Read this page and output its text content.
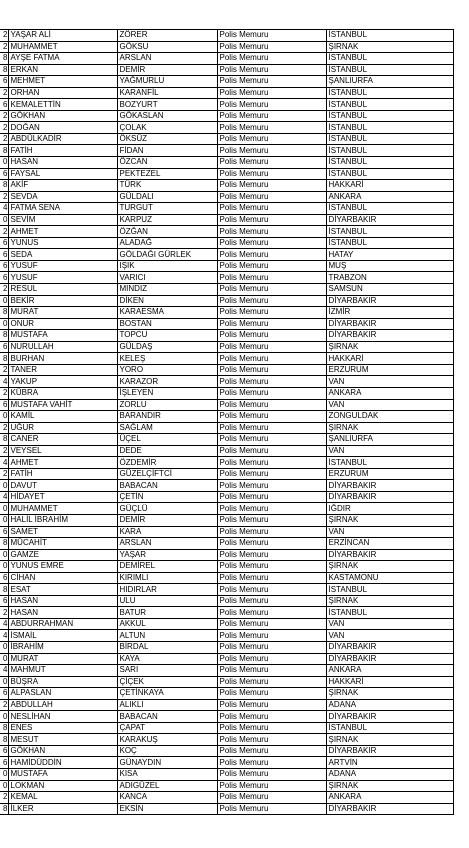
2	YAŞAR ALİ	ZÖRER	Polis Memuru	İSTANBUL
2	MUHAMMET	GÖKSU	Polis Memuru	ŞIRNAK
8	AYŞE FATMA	ARSLAN	Polis Memuru	İSTANBUL
8	ERKAN	DEMİR	Polis Memuru	İSTANBUL
6	MEHMET	YAĞMURLU	Polis Memuru	ŞANLIURFA
2	ORHAN	KARANFİL	Polis Memuru	İSTANBUL
6	KEMALETTİN	BOZYURT	Polis Memuru	İSTANBUL
2	GÖKHAN	GÖKASLAN	Polis Memuru	İSTANBUL
2	DOĞAN	ÇOLAK	Polis Memuru	İSTANBUL
2	ABDÜLKADİR	ÖKSÜZ	Polis Memuru	İSTANBUL
8	FATİH	FİDAN	Polis Memuru	İSTANBUL
0	HASAN	ÖZCAN	Polis Memuru	İSTANBUL
6	FAYSAL	PEKTEZEL	Polis Memuru	İSTANBUL
8	AKİF	TÜRK	Polis Memuru	HAKKARİ
2	SEVDA	GÜLDALI	Polis Memuru	ANKARA
4	FATMA SENA	TURGUT	Polis Memuru	İSTANBUL
0	SEVİM	KARPUZ	Polis Memuru	DİYARBAKIR
2	AHMET	ÖZĞAN	Polis Memuru	İSTANBUL
6	YUNUS	ALADAĞ	Polis Memuru	İSTANBUL
6	SEDA	GÖLDAĞI GÜRLEK	Polis Memuru	HATAY
6	YUSUF	IŞIK	Polis Memuru	MUŞ
6	YUSUF	VARICI	Polis Memuru	TRABZON
2	RESUL	MINDIZ	Polis Memuru	SAMSUN
0	BEKİR	DİKEN	Polis Memuru	DİYARBAKIR
8	MURAT	KARAESMA	Polis Memuru	İZMİR
0	ONUR	BOSTAN	Polis Memuru	DİYARBAKIR
8	MUSTAFA	TOPCU	Polis Memuru	DİYARBAKIR
6	NURULLAH	GÜLDAŞ	Polis Memuru	ŞIRNAK
8	BURHAN	KELEŞ	Polis Memuru	HAKKARİ
2	TANER	YORO	Polis Memuru	ERZURUM
4	YAKUP	KARAZOR	Polis Memuru	VAN
2	KÜBRA	İŞLEYEN	Polis Memuru	ANKARA
6	MUSTAFA VAHİT	ZORLU	Polis Memuru	VAN
0	KAMİL	BARANDIR	Polis Memuru	ZONGULDAK
2	UĞUR	SAĞLAM	Polis Memuru	ŞIRNAK
8	CANER	ÜÇEL	Polis Memuru	ŞANLIURFA
2	VEYSEL	DEDE	Polis Memuru	VAN
4	AHMET	ÖZDEMİR	Polis Memuru	İSTANBUL
2	FATİH	GÜZELÇİFTCİ	Polis Memuru	ERZURUM
0	DAVUT	BABACAN	Polis Memuru	DİYARBAKIR
4	HİDAYET	ÇETİN	Polis Memuru	DİYARBAKIR
0	MUHAMMET	GÜÇLÜ	Polis Memuru	IĞDIR
0	HALİL İBRAHİM	DEMİR	Polis Memuru	ŞIRNAK
6	SAMET	KARA	Polis Memuru	VAN
8	MÜCAHİT	ARSLAN	Polis Memuru	ERZİNCAN
0	GAMZE	YAŞAR	Polis Memuru	DİYARBAKIR
0	YUNUS EMRE	DEMİREL	Polis Memuru	ŞIRNAK
6	CİHAN	KIRIMLI	Polis Memuru	KASTAMONU
8	ESAT	HIDIRLAR	Polis Memuru	İSTANBUL
6	HASAN	ULU	Polis Memuru	ŞIRNAK
2	HASAN	BATUR	Polis Memuru	İSTANBUL
4	ABDURRAHMAN	AKKUL	Polis Memuru	VAN
4	İSMAİL	ALTUN	Polis Memuru	VAN
0	İBRAHİM	BİRDAL	Polis Memuru	DİYARBAKIR
0	MURAT	KAYA	Polis Memuru	DİYARBAKIR
4	MAHMUT	SARI	Polis Memuru	ANKARA
0	BÜŞRA	ÇİÇEK	Polis Memuru	HAKKARİ
6	ALPASLAN	ÇETİNKAYA	Polis Memuru	ŞIRNAK
2	ABDULLAH	ALIKLI	Polis Memuru	ADANA
0	NESLİHAN	BABACAN	Polis Memuru	DİYARBAKIR
8	ENES	ÇAPAT	Polis Memuru	İSTANBUL
8	MESUT	KARAKUŞ	Polis Memuru	ŞIRNAK
6	GÖKHAN	KOÇ	Polis Memuru	DİYARBAKIR
6	HAMİDÜDDİN	GÜNAYDIN	Polis Memuru	ARTVİN
0	MUSTAFA	KISA	Polis Memuru	ADANA
0	LOKMAN	ADIGÜZEL	Polis Memuru	ŞIRNAK
2	KEMAL	KANCA	Polis Memuru	ANKARA
8	İLKER	EKSİN	Polis Memuru	DİYARBAKIR
